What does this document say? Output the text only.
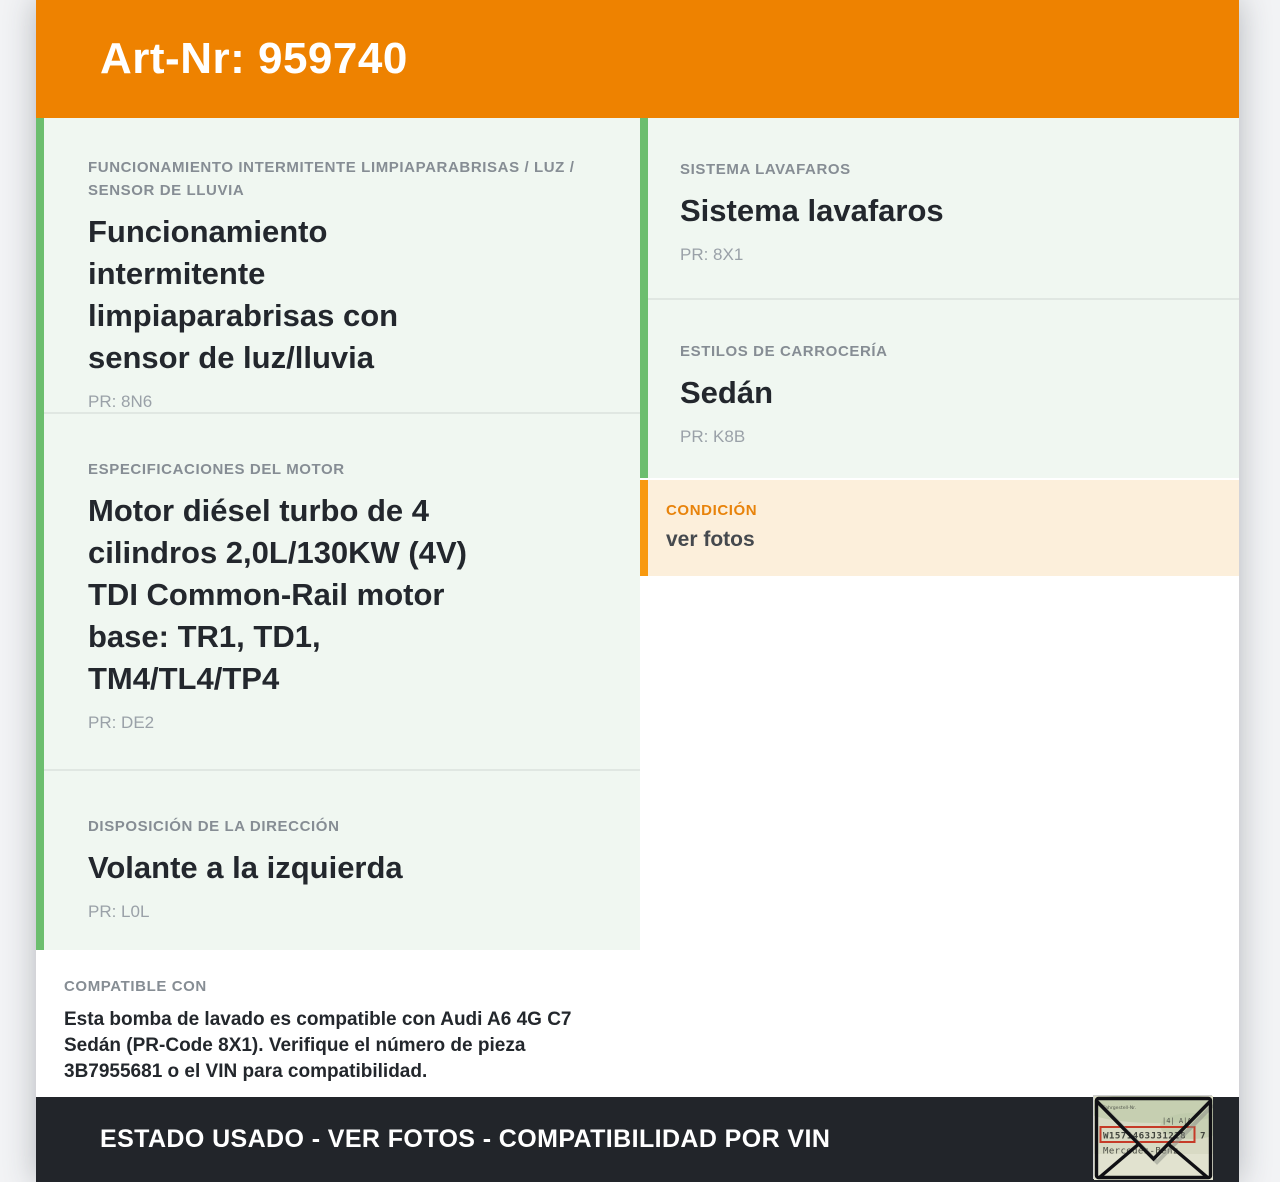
Art-Nr: 959740
FUNCIONAMIENTO INTERMITENTE LIMPIAPARABRISAS / LUZ / SENSOR DE LLUVIA
Funcionamiento intermitente limpiaparabrisas con sensor de luz/lluvia
PR: 8N6
ESPECIFICACIONES DEL MOTOR
Motor diésel turbo de 4 cilindros 2,0L/130KW (4V) TDI Common-Rail motor base: TR1, TD1, TM4/TL4/TP4
PR: DE2
DISPOSICIÓN DE LA DIRECCIÓN
Volante a la izquierda
PR: L0L
COMPATIBLE CON

Esta bomba de lavado es compatible con Audi A6 4G C7 Sedán (PR-Code 8X1). Verifique el número de pieza 3B7955681 o el VIN para compatibilidad.

SISTEMA LAVAFAROS
Sistema lavafaros
PR: 8X1
ESTILOS DE CARROCERÍA
Sedán
PR: K8B
CONDICIÓN
ver fotos
ESTADO USADO - VER FOTOS - COMPATIBILIDAD POR VIN
Fahrgestell-Nr.
|4| A|A
W1571463J31228 7
Mercedes-Benz
